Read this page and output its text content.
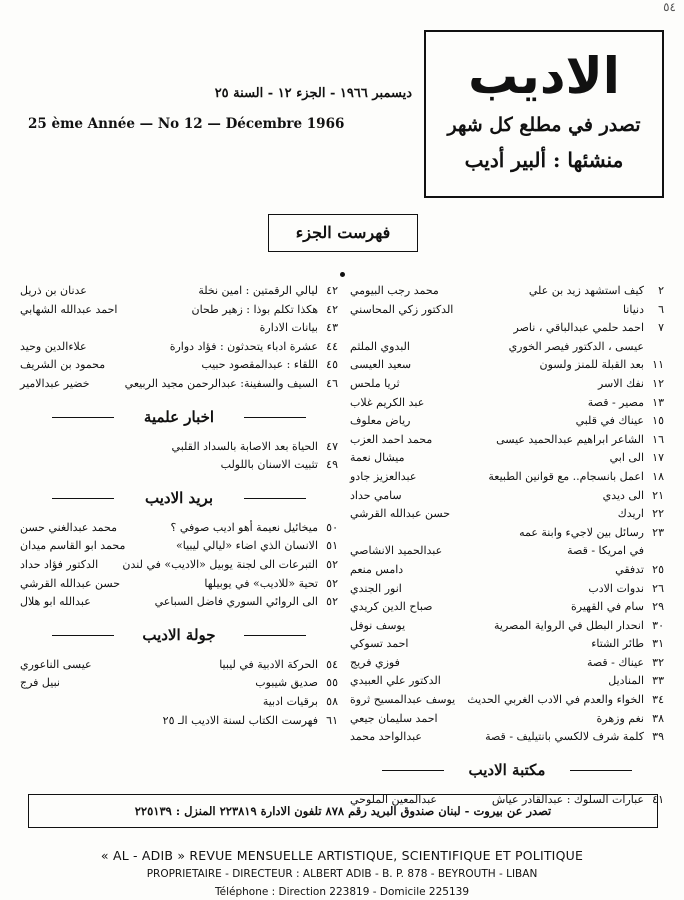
٥٤
الاديب
تصدر في مطلع كل شهر
منشئها : ألبير أديب
ديسمبر ١٩٦٦ - الجزء ١٢ - السنة ٢٥
25 ème Année — No 12 — Décembre 1966
فهرست الجزء
٢
كيف استشهد زيد بن علي
محمد رجب البيومي
٦
دنيانا
الدكتور زكي المحاسني
٧
احمد حلمي عبدالباقي ، ناصر
عيسى ، الدكتور فيصر الخوري
البدوي الملثم
١١
بعد القبلة للمنز ولسون
سعيد العيسى
١٢
نفك الاسر
ثريا ملحس
١٣
مصير - قصة
عبد الكريم غلاب
١٥
عيناك في قلبي
رياض معلوف
١٦
الشاعر ابراهيم عبدالحميد عيسى
محمد احمد العزب
١٧
الى ابي
ميشال نعمة
١٨
اعمل بانسجام.. مع قوانين الطبيعة
عبدالعزيز جادو
٢١
الى ديدي
سامي حداد
٢٢
اريدك
حسن عبدالله القرشي
٢٣
رسائل بين لاجيء وابنة عمه
في امريكا - قصة
عبدالحميد الانشاصي
٢٥
تدفقي
دامس منعم
٢٦
ندوات الادب
انور الجندي
٢٩
سام في القهيرة
صباح الدين كريدي
٣٠
انحدار البطل في الرواية المصرية
يوسف نوفل
٣١
طائر الشتاء
احمد تسوكي
٣٢
عيناك - قصة
فوزي فريج
٣٣
المناديل
الدكتور علي العبيدي
٣٤
الخواء والعدم في الادب الغربي الحديث
يوسف عبدالمسيح ثروة
٣٨
نغم وزهرة
احمد سليمان جيعي
٣٩
كلمة شرف لالكسي بانتيليف - قصة
عبدالواحد محمد
مكتبة الاديب
٤١
عبارات السلوك : عبدالقادر عياش
عبدالمعين الملوحي
٤٢
ليالي الرقمتين : امين نخلة
عدنان بن ذريل
٤٢
هكذا تكلم بوذا : زهير طحان
احمد عبدالله الشهابي
٤٣
بيانات الادارة
٤٤
عشرة ادباء يتحدثون : فؤاد دوارة
علاءالدين وحيد
٤٥
اللقاء : عبدالمقصود حبيب
محمود بن الشريف
٤٦
السيف والسفينة: عبدالرحمن مجيد الربيعي
خضير عبدالامير
اخبار علمية
٤٧
الحياة بعد الاصابة بالسداد القلبي
٤٩
تثبيت الاسنان باللولب
بريد الاديب
٥٠
ميخائيل نعيمة أهو اديب صوفي ؟
محمد عبدالغني حسن
٥١
الانسان الذي اضاء «ليالي ليبيا»
محمد ابو القاسم ميدان
٥٢
التبرعات الى لجنة يوبيل «الاديب» في لندن
الدكتور فؤاد حداد
٥٢
تحية «للاديب» في يوبيلها
حسن عبدالله القرشي
٥٢
الى الروائي السوري فاضل السباعي
عبدالله ابو هلال
جولة الاديب
٥٤
الحركة الادبية في ليبيا
عيسى الناعوري
٥٥
صديق شيبوب
نبيل فرج
٥٨
برقيات ادبية
٦١
فهرست الكتاب لسنة الاديب الـ ٢٥
تصدر عن بيروت - لبنان صندوق البريد رقم ٨٧٨ تلفون الادارة ٢٢٣٨١٩ المنزل : ٢٢٥١٣٩
« AL - ADIB » REVUE MENSUELLE ARTISTIQUE, SCIENTIFIQUE ET POLITIQUE
PROPRIETAIRE - DIRECTEUR : ALBERT ADIB - B. P. 878 - BEYROUTH - LIBAN
Téléphone : Direction 223819 - Domicile 225139
